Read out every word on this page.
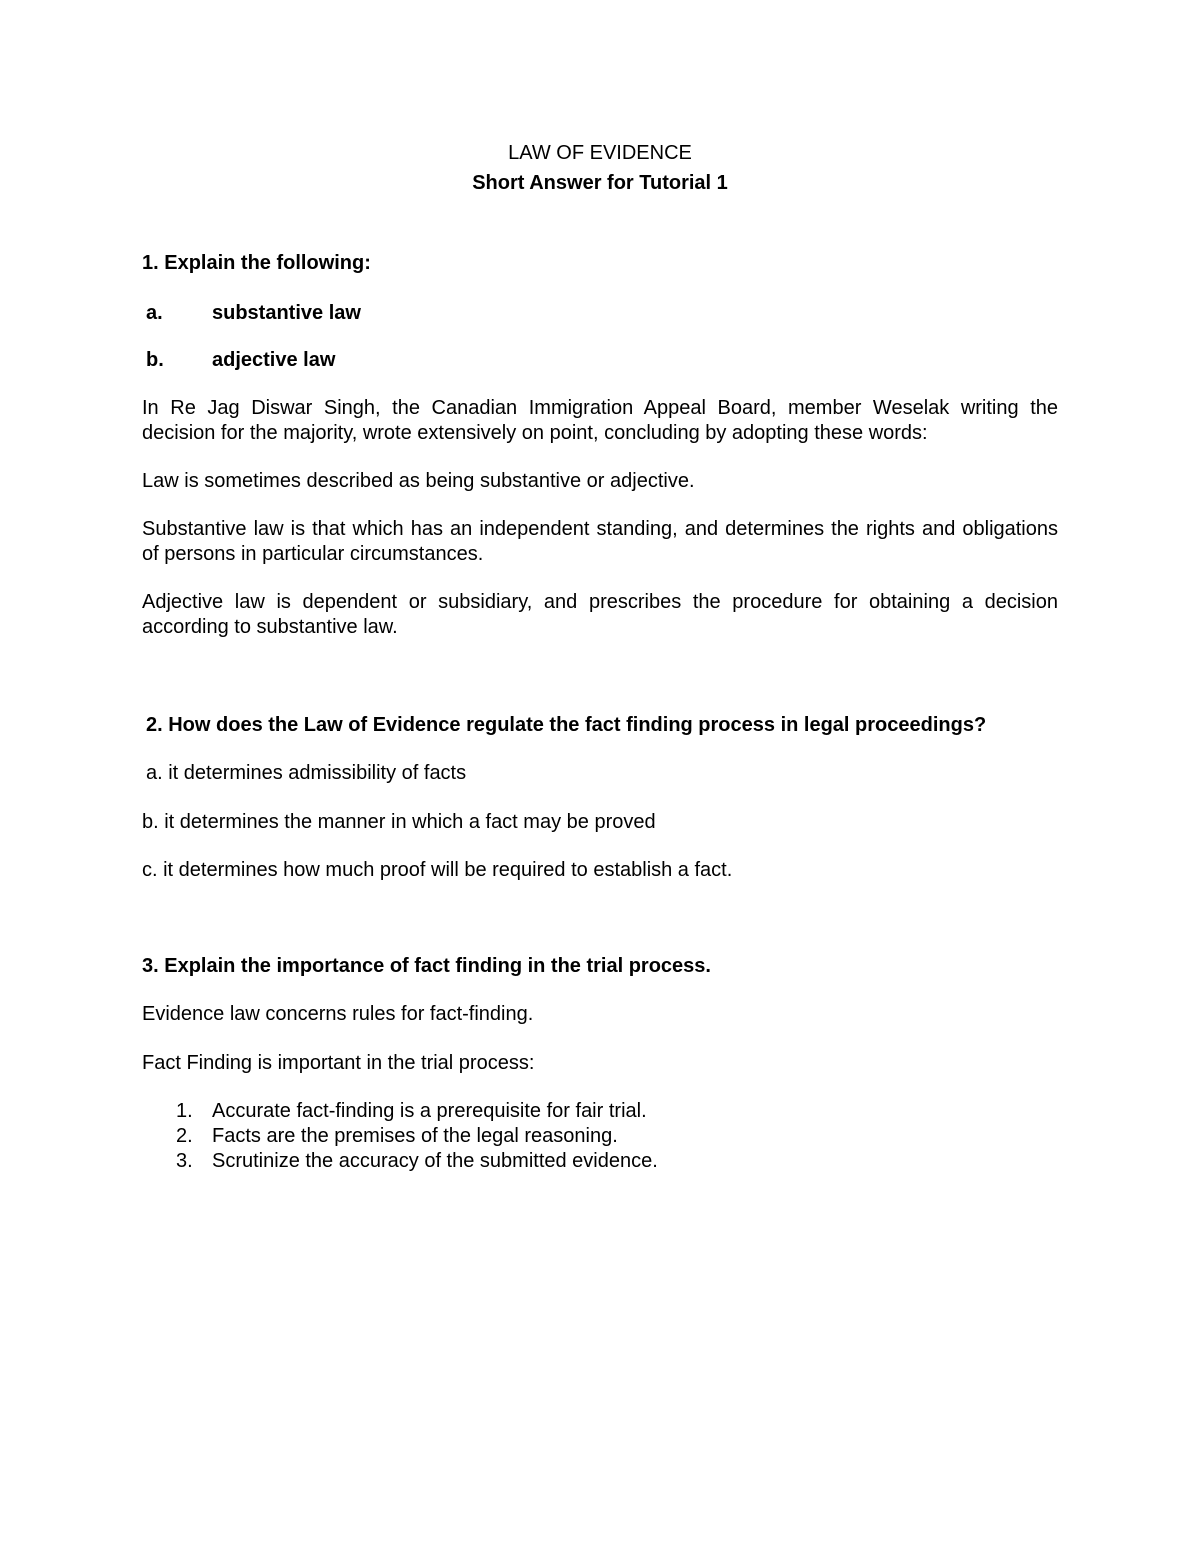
LAW OF EVIDENCE
Short Answer for Tutorial 1
1. Explain the following:
a. substantive law
b. adjective law

In Re Jag Diswar Singh, the Canadian Immigration Appeal Board, member Weselak writing the decision for the majority, wrote extensively on point, concluding by adopting these words:

Law is sometimes described as being substantive or adjective.

Substantive law is that which has an independent standing, and determines the rights and obligations of persons in particular circumstances.

Adjective law is dependent or subsidiary, and prescribes the procedure for obtaining a decision according to substantive law.

2. How does the Law of Evidence regulate the fact finding process in legal proceedings?
a. it determines admissibility of facts
b. it determines the manner in which a fact may be proved
c. it determines how much proof will be required to establish a fact.
3. Explain the importance of fact finding in the trial process.
Evidence law concerns rules for fact-finding.
Fact Finding is important in the trial process:
1. Accurate fact-finding is a prerequisite for fair trial.
2. Facts are the premises of the legal reasoning.
3. Scrutinize the accuracy of the submitted evidence.
